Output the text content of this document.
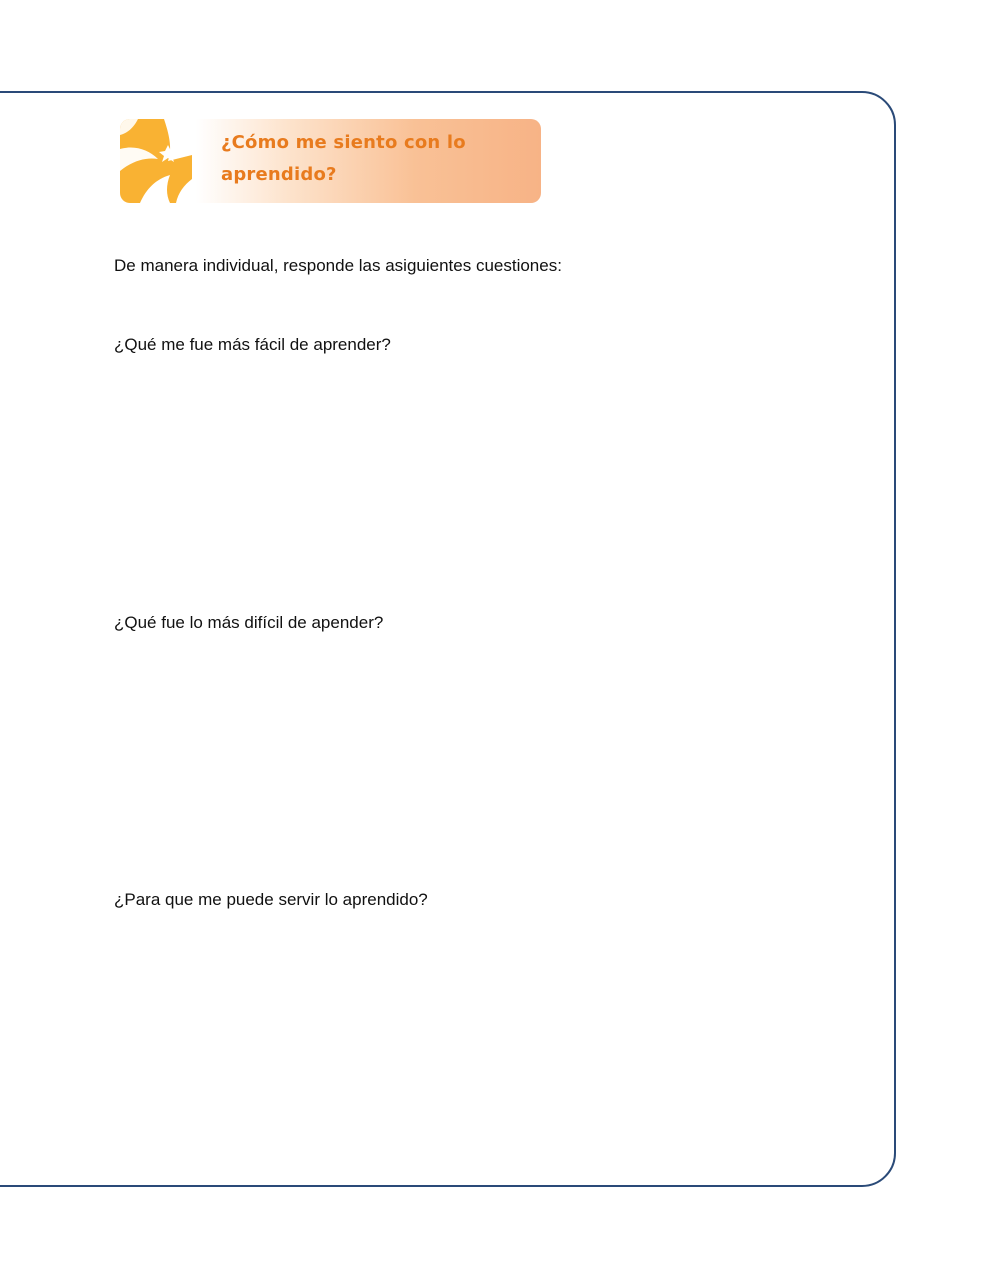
¿Cómo me siento con lo aprendido?
De manera individual, responde las asiguientes cuestiones:
¿Qué me fue más fácil de aprender?
¿Qué fue lo más difícil de apender?
¿Para que me puede servir lo aprendido?
